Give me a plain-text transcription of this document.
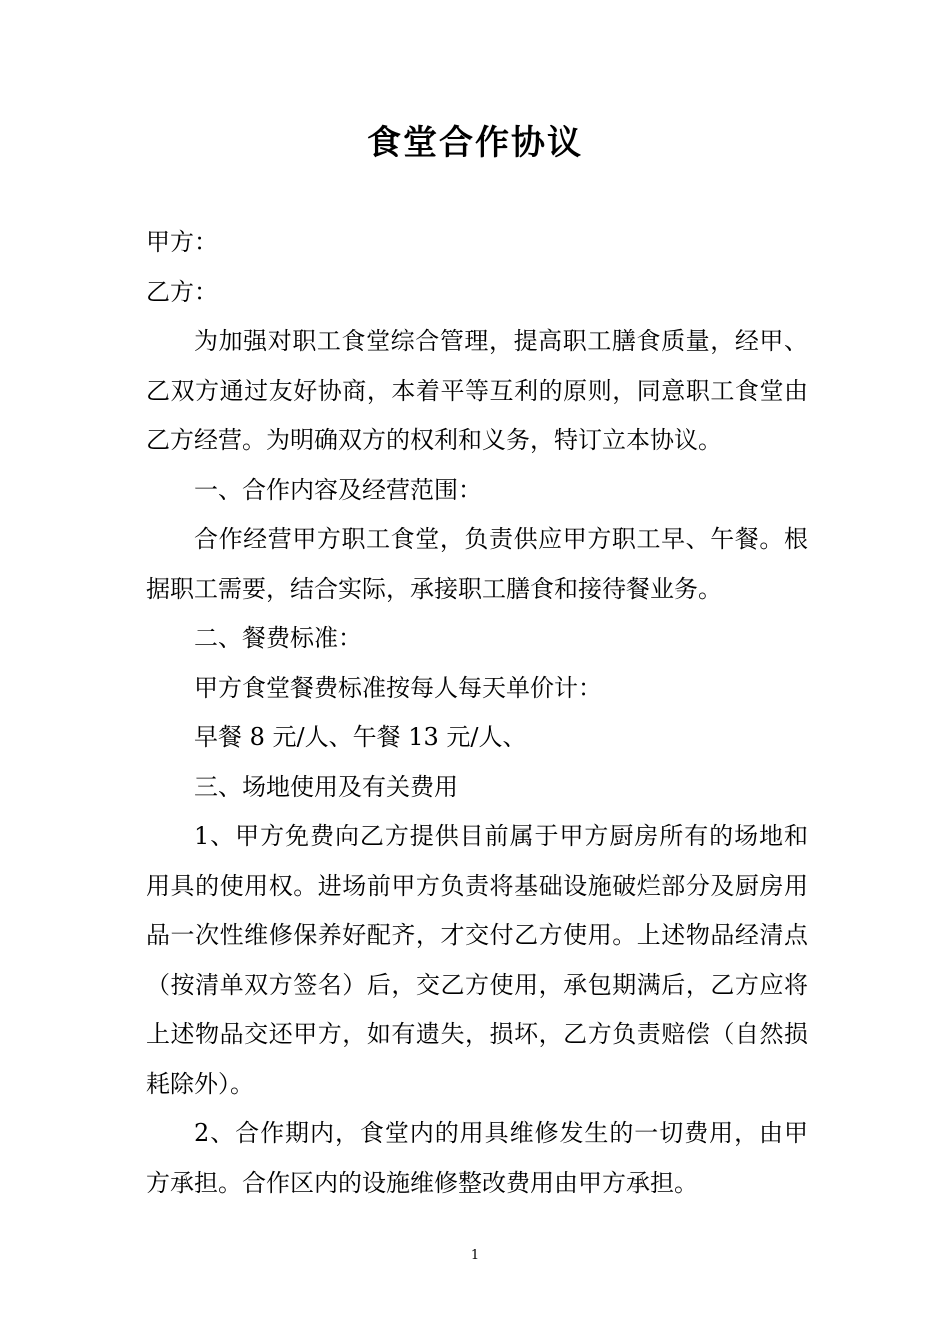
食堂合作协议

甲方：

乙方：

为加强对职工食堂综合管理，提高职工膳食质量，经甲、乙双方通过友好协商，本着平等互利的原则，同意职工食堂由乙方经营。为明确双方的权利和义务，特订立本协议。

一、合作内容及经营范围：

合作经营甲方职工食堂，负责供应甲方职工早、午餐。根据职工需要，结合实际，承接职工膳食和接待餐业务。

二、餐费标准：

甲方食堂餐费标准按每人每天单价计：

早餐 8 元/人、午餐 13 元/人、

三、场地使用及有关费用

1、甲方免费向乙方提供目前属于甲方厨房所有的场地和用具的使用权。进场前甲方负责将基础设施破烂部分及厨房用品一次性维修保养好配齐，才交付乙方使用。上述物品经清点（按清单双方签名）后，交乙方使用，承包期满后，乙方应将上述物品交还甲方，如有遗失，损坏，乙方负责赔偿（自然损耗除外）。

2、合作期内，食堂内的用具维修发生的一切费用，由甲方承担。合作区内的设施维修整改费用由甲方承担。

1
